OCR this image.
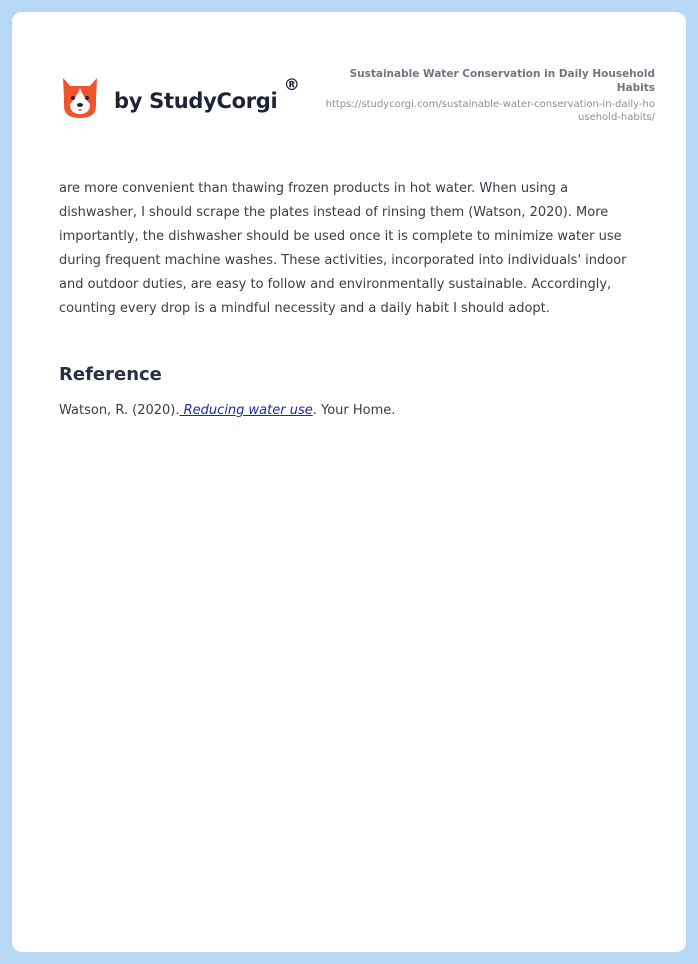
by StudyCorgi
®
Sustainable Water Conservation in Daily Household Habits
https://studycorgi.com/sustainable-water-conservation-in-daily-household-habits/

are more convenient than thawing frozen products in hot water. When using a dishwasher, I should scrape the plates instead of rinsing them (Watson, 2020). More importantly, the dishwasher should be used once it is complete to minimize water use during frequent machine washes. These activities, incorporated into individuals' indoor and outdoor duties, are easy to follow and environmentally sustainable. Accordingly, counting every drop is a mindful necessity and a daily habit I should adopt.

Reference

Watson, R. (2020). Reducing water use. Your Home.
